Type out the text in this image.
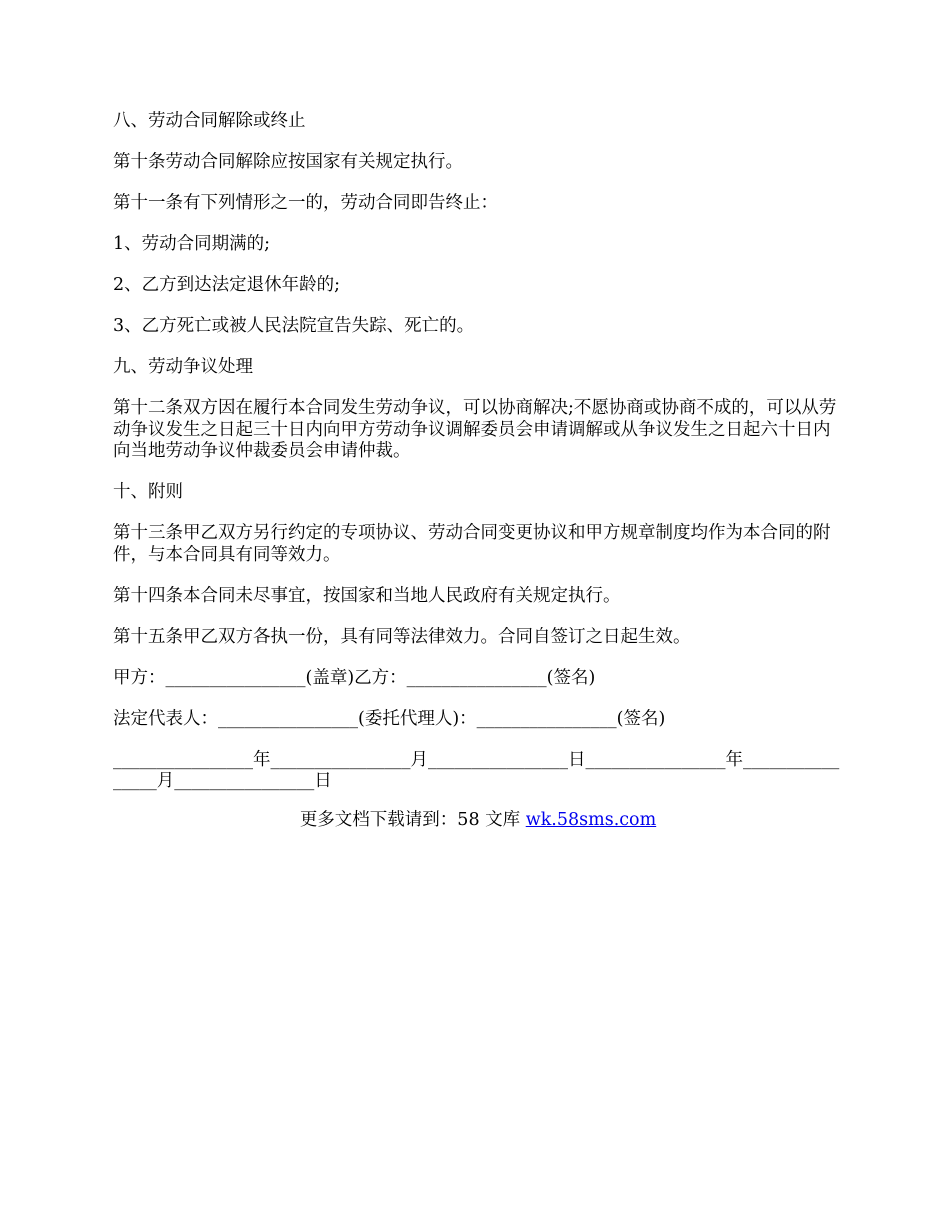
八、劳动合同解除或终止

第十条劳动合同解除应按国家有关规定执行。

第十一条有下列情形之一的，劳动合同即告终止：

1、劳动合同期满的;

2、乙方到达法定退休年龄的;

3、乙方死亡或被人民法院宣告失踪、死亡的。

九、劳动争议处理

第十二条双方因在履行本合同发生劳动争议，可以协商解决;不愿协商或协商不成的，可以从劳动争议发生之日起三十日内向甲方劳动争议调解委员会申请调解或从争议发生之日起六十日内向当地劳动争议仲裁委员会申请仲裁。

十、附则

第十三条甲乙双方另行约定的专项协议、劳动合同变更协议和甲方规章制度均作为本合同的附件，与本合同具有同等效力。

第十四条本合同未尽事宜，按国家和当地人民政府有关规定执行。

第十五条甲乙双方各执一份，具有同等法律效力。合同自签订之日起生效。

甲方：________________(盖章)乙方：________________(签名)

法定代表人：________________(委托代理人)：________________(签名)

________________年________________月________________日________________年________________月________________日

更多文档下载请到：58 文库 wk.58sms.com
